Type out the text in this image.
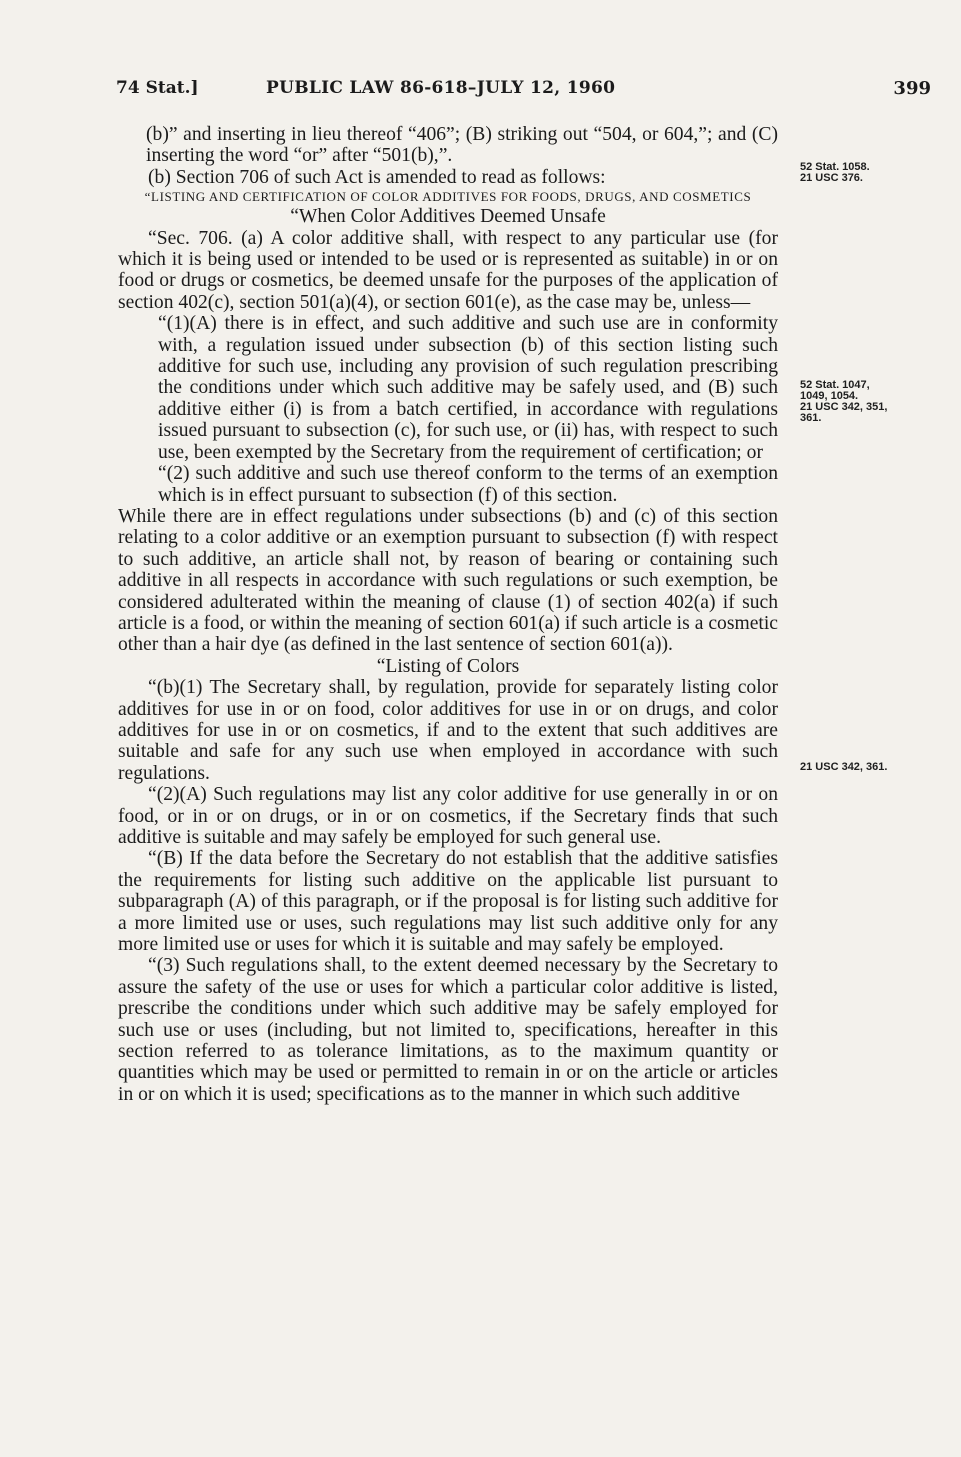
74 Stat.]	PUBLIC LAW 86-618–JULY 12, 1960	399

(b)” and inserting in lieu thereof “406”; (B) striking out “504, or 604,”; and (C) inserting the word “or” after “501(b),”.

(b) Section 706 of such Act is amended to read as follows:

“LISTING AND CERTIFICATION OF COLOR ADDITIVES FOR FOODS, DRUGS, AND COSMETICS

“When Color Additives Deemed Unsafe

“Sec. 706. (a) A color additive shall, with respect to any particular use (for which it is being used or intended to be used or is represented as suitable) in or on food or drugs or cosmetics, be deemed unsafe for the purposes of the application of section 402(c), section 501(a)(4), or section 601(e), as the case may be, unless—

“(1)(A) there is in effect, and such additive and such use are in conformity with, a regulation issued under subsection (b) of this section listing such additive for such use, including any provision of such regulation prescribing the conditions under which such additive may be safely used, and (B) such additive either (i) is from a batch certified, in accordance with regulations issued pursuant to subsection (c), for such use, or (ii) has, with respect to such use, been exempted by the Secretary from the requirement of certification; or

“(2) such additive and such use thereof conform to the terms of an exemption which is in effect pursuant to subsection (f) of this section.

While there are in effect regulations under subsections (b) and (c) of this section relating to a color additive or an exemption pursuant to subsection (f) with respect to such additive, an article shall not, by reason of bearing or containing such additive in all respects in accordance with such regulations or such exemption, be considered adulterated within the meaning of clause (1) of section 402(a) if such article is a food, or within the meaning of section 601(a) if such article is a cosmetic other than a hair dye (as defined in the last sentence of section 601(a)).

“Listing of Colors

“(b)(1) The Secretary shall, by regulation, provide for separately listing color additives for use in or on food, color additives for use in or on drugs, and color additives for use in or on cosmetics, if and to the extent that such additives are suitable and safe for any such use when employed in accordance with such regulations.

“(2)(A) Such regulations may list any color additive for use generally in or on food, or in or on drugs, or in or on cosmetics, if the Secretary finds that such additive is suitable and may safely be employed for such general use.

“(B) If the data before the Secretary do not establish that the additive satisfies the requirements for listing such additive on the applicable list pursuant to subparagraph (A) of this paragraph, or if the proposal is for listing such additive for a more limited use or uses, such regulations may list such additive only for any more limited use or uses for which it is suitable and may safely be employed.

“(3) Such regulations shall, to the extent deemed necessary by the Secretary to assure the safety of the use or uses for which a particular color additive is listed, prescribe the conditions under which such additive may be safely employed for such use or uses (including, but not limited to, specifications, hereafter in this section referred to as tolerance limitations, as to the maximum quantity or quantities which may be used or permitted to remain in or on the article or articles in or on which it is used; specifications as to the manner in which such additive

52 Stat. 1058.
21 USC 376.
52 Stat. 1047,
1049, 1054.
21 USC 342, 351,
361.
21 USC 342, 361.
